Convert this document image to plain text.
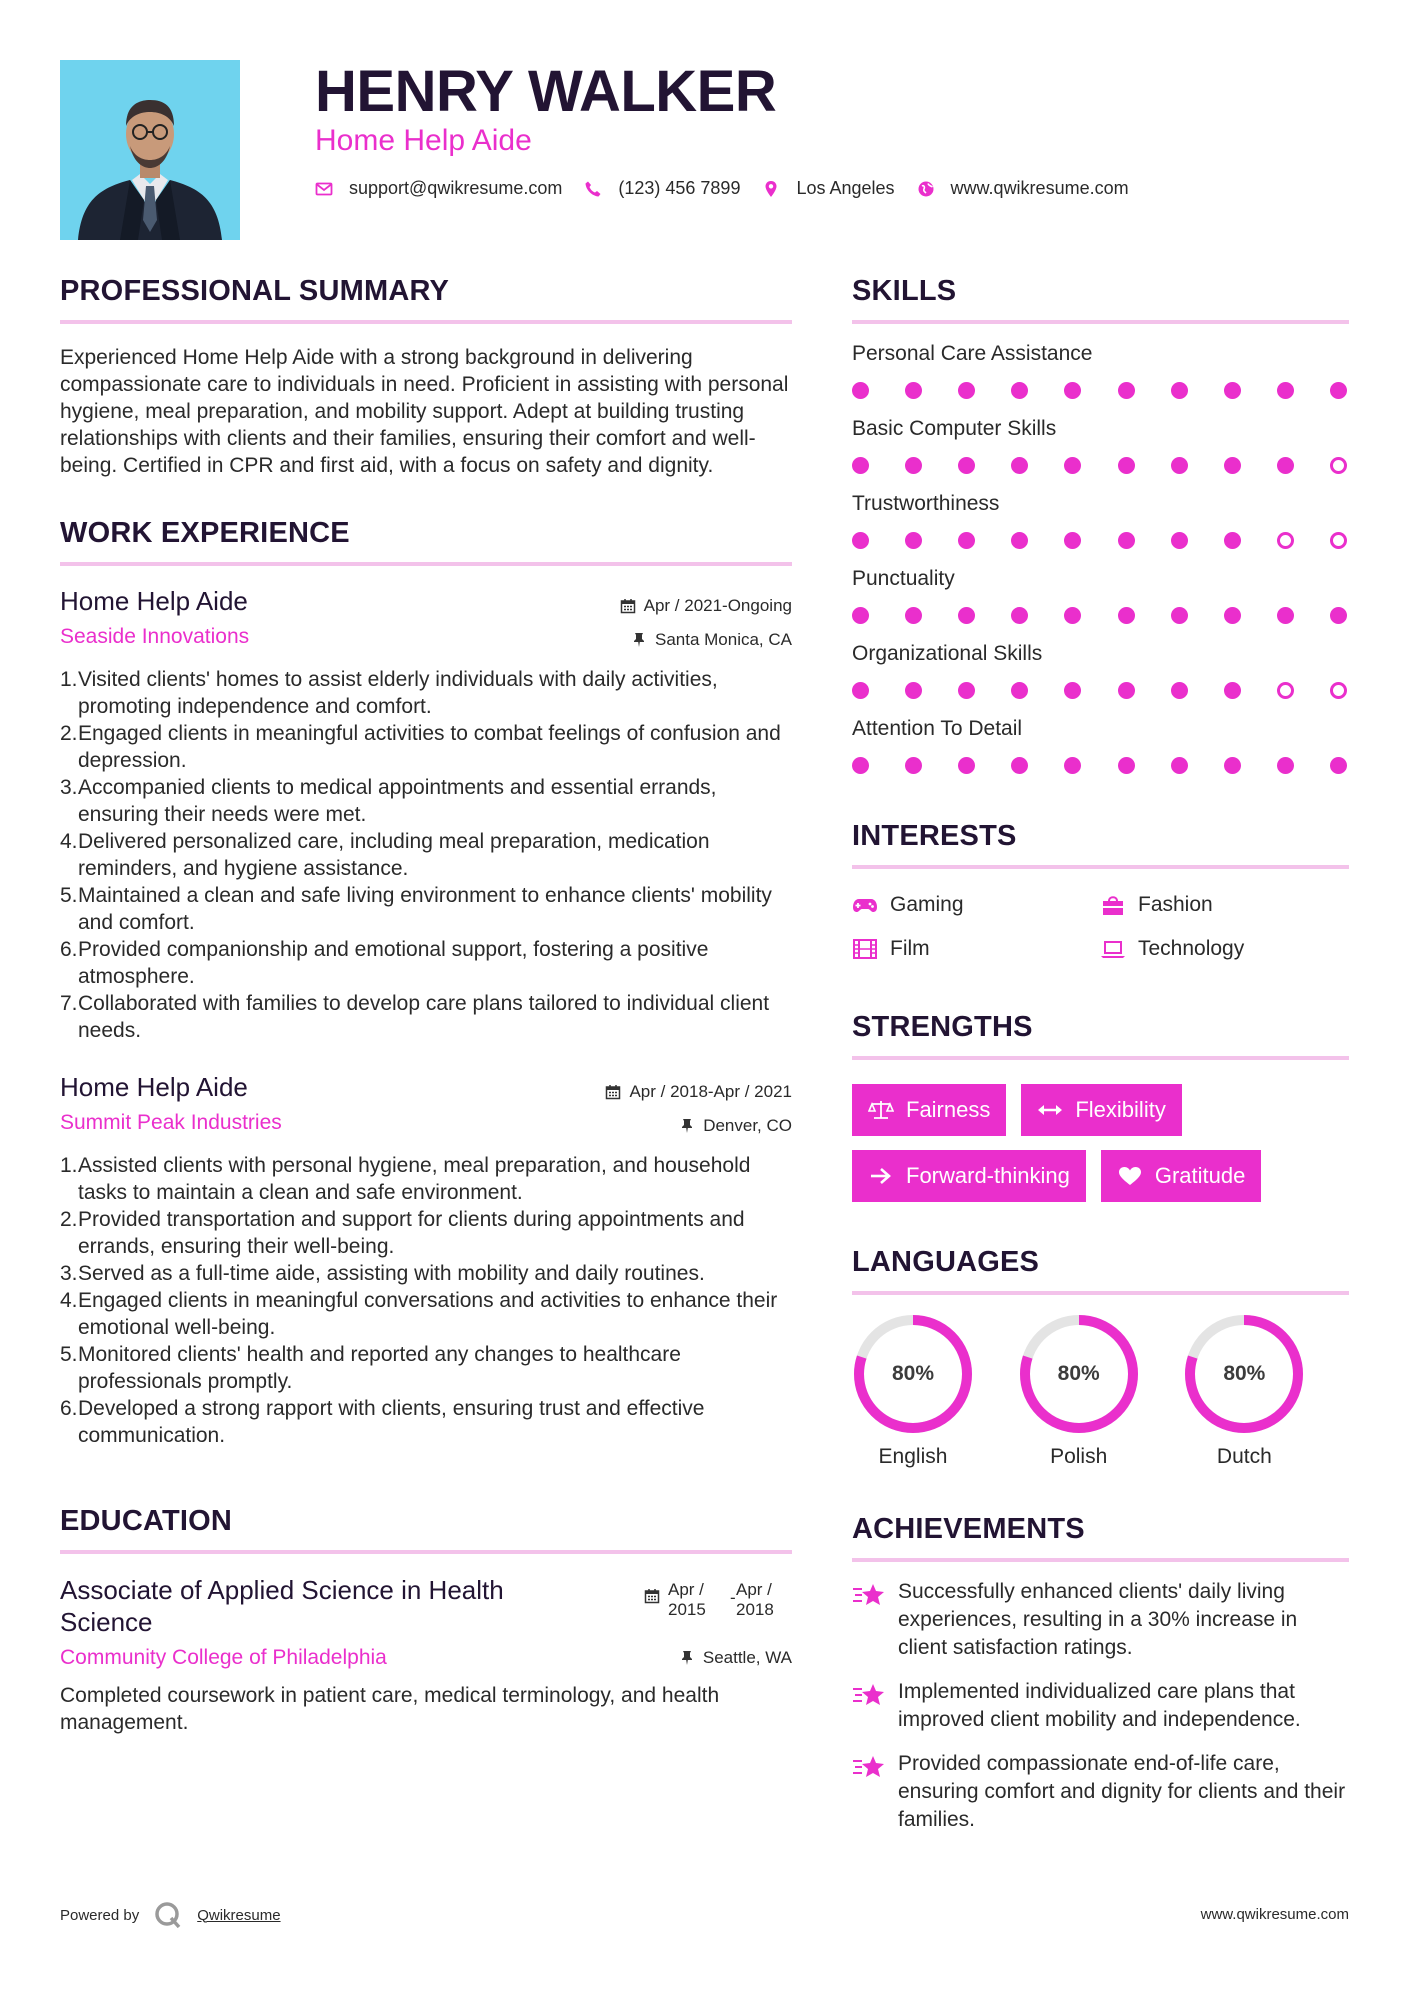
HENRY WALKER
Home Help Aide
support@qwikresume.com	(123) 456 7899	Los Angeles	www.qwikresume.com
PROFESSIONAL SUMMARY

Experienced Home Help Aide with a strong background in delivering compassionate care to individuals in need. Proficient in assisting with personal hygiene, meal preparation, and mobility support. Adept at building trusting relationships with clients and their families, ensuring their comfort and well-being. Certified in CPR and first aid, with a focus on safety and dignity.

WORK EXPERIENCE
Home Help Aide
Seaside Innovations
Apr / 2021-Ongoing
Santa Monica, CA
1. Visited clients' homes to assist elderly individuals with daily activities, promoting independence and comfort.
2. Engaged clients in meaningful activities to combat feelings of confusion and depression.
3. Accompanied clients to medical appointments and essential errands, ensuring their needs were met.
4. Delivered personalized care, including meal preparation, medication reminders, and hygiene assistance.
5. Maintained a clean and safe living environment to enhance clients' mobility and comfort.
6. Provided companionship and emotional support, fostering a positive atmosphere.
7. Collaborated with families to develop care plans tailored to individual client needs.
Home Help Aide
Summit Peak Industries
Apr / 2018-Apr / 2021
Denver, CO
1. Assisted clients with personal hygiene, meal preparation, and household tasks to maintain a clean and safe environment.
2. Provided transportation and support for clients during appointments and errands, ensuring their well-being.
3. Served as a full-time aide, assisting with mobility and daily routines.
4. Engaged clients in meaningful conversations and activities to enhance their emotional well-being.
5. Monitored clients' health and reported any changes to healthcare professionals promptly.
6. Developed a strong rapport with clients, ensuring trust and effective communication.
EDUCATION
Associate of Applied Science in Health Science
Apr / 2015
- Apr / 2018
Community College of Philadelphia	Seattle, WA

Completed coursework in patient care, medical terminology, and health management.

SKILLS
Personal Care Assistance
Basic Computer Skills
Trustworthiness
Punctuality
Organizational Skills
Attention To Detail
INTERESTS
Gaming	Fashion
Film	Technology
STRENGTHS
Fairness	Flexibility
Forward-thinking	Gratitude
LANGUAGES
80%
English
80%
Polish
80%
Dutch
ACHIEVEMENTS
Successfully enhanced clients' daily living experiences, resulting in a 30% increase in client satisfaction ratings.
Implemented individualized care plans that improved client mobility and independence.
Provided compassionate end-of-life care, ensuring comfort and dignity for clients and their families.
Powered by	Qwikresume	www.qwikresume.com
